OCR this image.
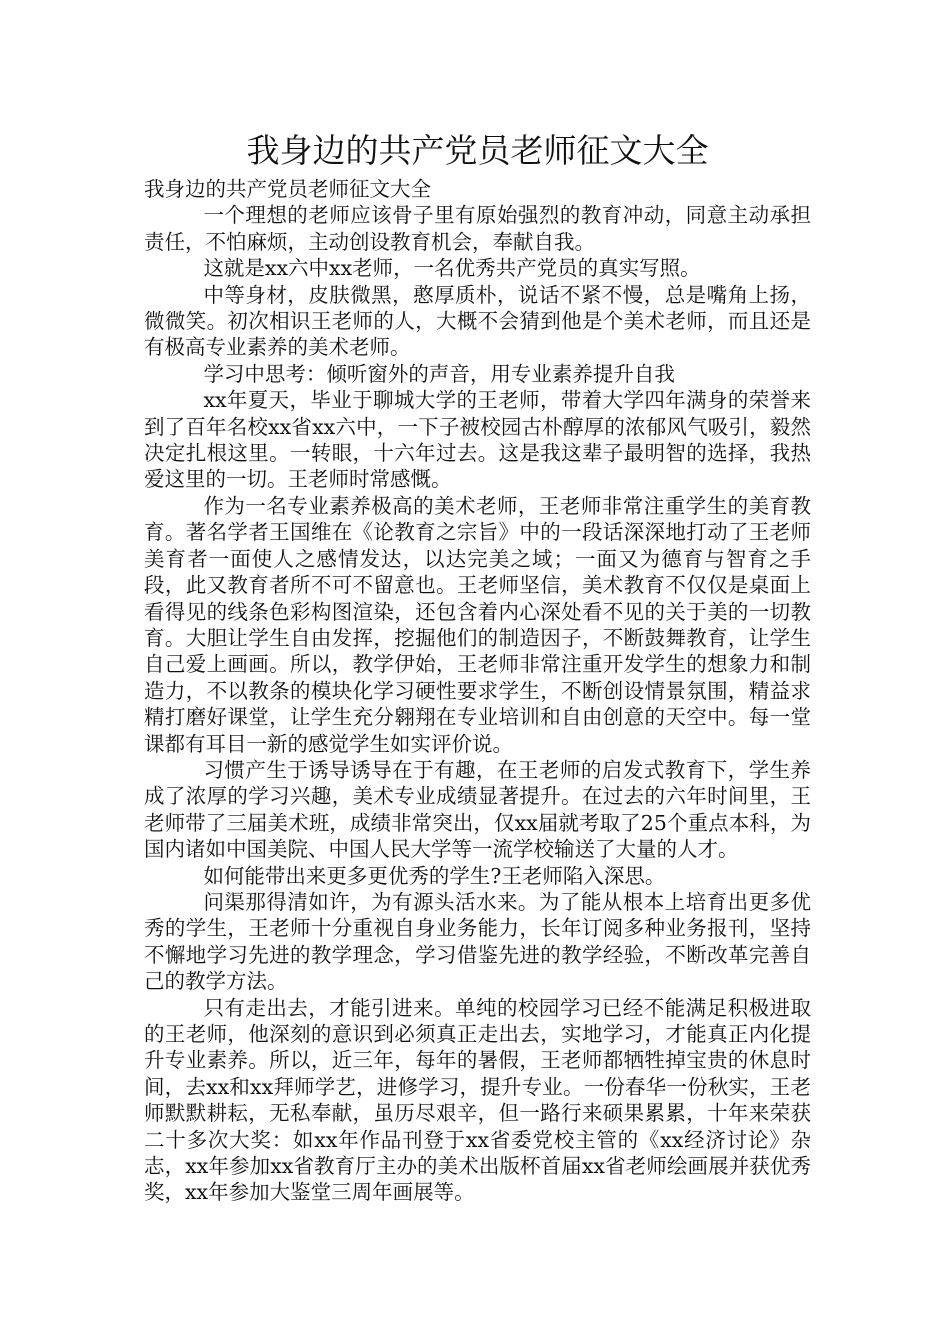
我身边的共产党员老师征文大全

我身边的共产党员老师征文大全

一个理想的老师应该骨子里有原始强烈的教育冲动，同意主动承担责任，不怕麻烦，主动创设教育机会，奉献自我。

这就是xx六中xx老师，一名优秀共产党员的真实写照。

中等身材，皮肤微黑，憨厚质朴，说话不紧不慢，总是嘴角上扬，微微笑。初次相识王老师的人，大概不会猜到他是个美术老师，而且还是有极高专业素养的美术老师。

学习中思考：倾听窗外的声音，用专业素养提升自我

xx年夏天，毕业于聊城大学的王老师，带着大学四年满身的荣誉来到了百年名校xx省xx六中，一下子被校园古朴醇厚的浓郁风气吸引，毅然决定扎根这里。一转眼，十六年过去。这是我这辈子最明智的选择，我热爱这里的一切。王老师时常感慨。

作为一名专业素养极高的美术老师，王老师非常注重学生的美育教育。著名学者王国维在《论教育之宗旨》中的一段话深深地打动了王老师美育者一面使人之感情发达，以达完美之域；一面又为德育与智育之手段，此又教育者所不可不留意也。王老师坚信，美术教育不仅仅是桌面上看得见的线条色彩构图渲染，还包含着内心深处看不见的关于美的一切教育。大胆让学生自由发挥，挖掘他们的制造因子，不断鼓舞教育，让学生自己爱上画画。所以，教学伊始，王老师非常注重开发学生的想象力和制造力，不以教条的模块化学习硬性要求学生，不断创设情景氛围，精益求精打磨好课堂，让学生充分翱翔在专业培训和自由创意的天空中。每一堂课都有耳目一新的感觉学生如实评价说。

习惯产生于诱导诱导在于有趣，在王老师的启发式教育下，学生养成了浓厚的学习兴趣，美术专业成绩显著提升。在过去的六年时间里，王老师带了三届美术班，成绩非常突出，仅xx届就考取了25个重点本科，为国内诸如中国美院、中国人民大学等一流学校输送了大量的人才。

如何能带出来更多更优秀的学生?王老师陷入深思。

问渠那得清如许，为有源头活水来。为了能从根本上培育出更多优秀的学生，王老师十分重视自身业务能力，长年订阅多种业务报刊，坚持不懈地学习先进的教学理念，学习借鉴先进的教学经验，不断改革完善自己的教学方法。

只有走出去，才能引进来。单纯的校园学习已经不能满足积极进取的王老师，他深刻的意识到必须真正走出去，实地学习，才能真正内化提升专业素养。所以，近三年，每年的暑假，王老师都牺牲掉宝贵的休息时间，去xx和xx拜师学艺，进修学习，提升专业。一份春华一份秋实，王老师默默耕耘，无私奉献，虽历尽艰辛，但一路行来硕果累累，十年来荣获二十多次大奖：如xx年作品刊登于xx省委党校主管的《xx经济讨论》杂志，xx年参加xx省教育厅主办的美术出版杯首届xx省老师绘画展并获优秀奖，xx年参加大鉴堂三周年画展等。
